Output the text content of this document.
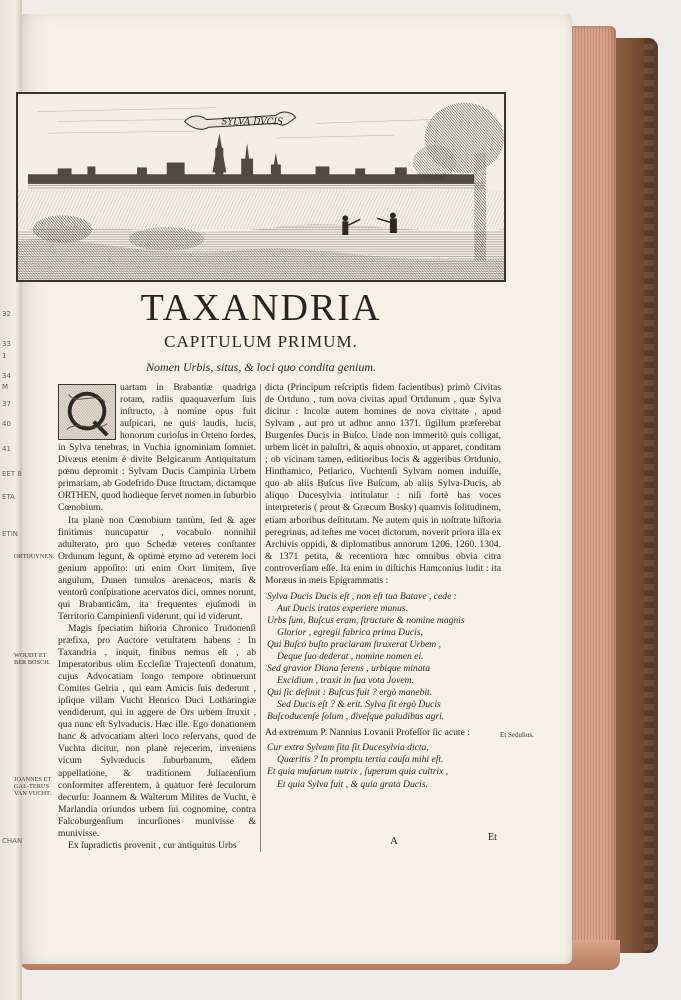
32
33
1
34
M
37
40
41
EET 8
ETA
ETIN
CHAN
SYLVA DVCIS
TAXANDRIA
CAPITULUM PRIMUM.
Nomen Urbis, situs, & loci quo condita genium.

uartam in Brabantiæ quadriga rotam, radiis quaquaverſum ſuis inſtructo, à nomine opus fuit auſpicari, ne quis laudis, lucis, honorum curioſus in Orteno ſordes, in Sylva tenebras, in Vuchia ignominiam ſomniet. Divæus etenim è divite Belgicarum Antiquitatum pœnu depromit : Sylvam Ducis Campinia Urbem primariam, ab Godefrido Duce ſtructam, dictamque ORTHEN, quod hodieque ſervet nomen in ſuburbio Cœnobium.

Ita planè non Cœnobium tantùm, ſed & ager finitimus nuncupatur , vocabulo nonnihil adulterato, pro quo Schedæ veteres conſtanter Ordunum legunt, & optimè etymo ad veterem loci genium appoſito: uti enim Oort limitem, ſive angulum, Dunen tumulos arenaceos, maris & ventorû conſpiratione acervatos dici, omnes norunt, qui Brabanticâm, ita frequentes ejuſmodi in Territorio Campinienſi viderunt, qui id viderunt.

Magis ſpeciatim hiſtoria Chronico Trudonenſi præfixa, pro Auctore vetuſtatem habens : In Taxandria , inquit, finibus nemus eſt , ab Imperatoribus olim Eccleſiæ Trajectenſi donatum, cujus Advocatiam longo tempore obtinuerunt Comites Gelria , qui eam Amicis ſuis dederunt , ipſique villam Vucht Henrico Duci Lotharingiæ vendiderunt, qui in aggere de Ors urbem ſtruxit , qua nunc eſt Sylvaducis. Hæc ille. Ego donationem hanc & advocatiam alteri loco reſervans, quod de Vuchta dicitur, non planè rejecerim, inveniens vicum Sylvæducis ſuburbanum, eâdem appellatione, & traditionem Juliacenſium conformiter afferentem, à quatuor ferè ſeculorum decurſu: Joannem & Walterum Milites de Vucht, è Marlandia oriundos urbem ſui cognomine, contra Falcoburgenſium incurſiones munivisse & munivisse.

Ex ſupradictis provenit , cur antiquitus Urbs

dicta (Principum reſcriptis fidem facientibus) primò Civitas de Ortduno , tum nova civitas apud Ortdunum , quæ Sylva dicitur : Incolæ autem homines de nova civitate , apud Sylvam , aut pro ut adhuc anno 1371. ſigillum præferebat Burgenſes Ducis in Buſco. Unde non immeritò quis colligat, urbem licèt in paluſtri, & aquis obnoxio, ut apparet, conditam ; ob vicinam tamen, editioribus locis & aggeribus Ortdunio, Hinthamico, Petlarico, Vuchtenſi Sylvam nomen induiſſe, quo ab aliis Buſcus ſive Buſcum, ab aliis Sylva-Ducis, ab aliquo Ducesylvia intitulatur : niſi fortè has voces interpreteris ( prout & Græcum Bosky) quamvis ſolitudinem, etiam arboribus deſtitutam. Ne autem quis in noſtrate hiſtoria peregrinus, ad teſtes me vocet dictorum, noverit priora illa ex Archivis oppidi, & diplomatibus annorum 1206. 1260. 1304. & 1371 petita, & recentiora hæc omnibus obvia citra controverſiam eſſe. Ita enim in diſtichis Hamconius ludit : ita Moræus in meis Epigrammatis :

Sylva Ducis Ducis eſt , non eſt tua Batave , cede :
Aut Ducis iratas experiere manus.
Urbs ſum, Buſcus eram, ſtructure & nomine magnis
Glorior , egregii fabrica prima Ducis,
Qui Buſco buſto praclaram ſtruxerat Urbem ,
Deque ſuo dederat , nomine nomen ei.
Sed gravior Diana ferens , urbique minata
Excidium , traxit in ſua vota Jovem.
Qui ſic definit : Buſcus fuit ? ergò manebit.
Sed Ducis eſt ? & erit. Sylva ſit ergò Ducis
Buſcoducenſe ſolum , diveſque paludibus agri.

Ad extremum P. Nannius Lovanii Profeſſor ſic acute :

Cur extra Sylvam ſita ſit Ducesylvia dicta,
Quæritis ? In promptu tertia cauſa mihi eſt.
Et quia muſarum nutrix , ſuperum quia cultrix ,
Et quia Sylva fuit , & quia grata Ducis.
ORTDUYNEN.
WOUDT ET BER BOSCH.
JOANNES ET GAL-TERUS VAN VUCHT.
Et Sedulius.
A	Et
